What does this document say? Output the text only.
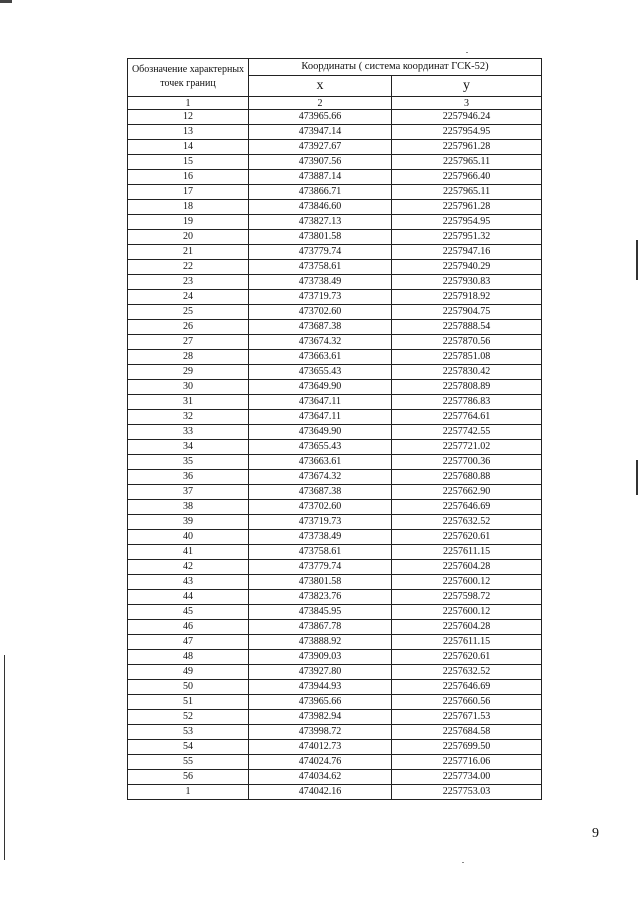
Обозначение характерных точек границ	Координаты ( система координат ГСК-52)	
	x	у
1	2	3
12	473965.66	2257946.24
13	473947.14	2257954.95
14	473927.67	2257961.28
15	473907.56	2257965.11
16	473887.14	2257966.40
17	473866.71	2257965.11
18	473846.60	2257961.28
19	473827.13	2257954.95
20	473801.58	2257951.32
21	473779.74	2257947.16
22	473758.61	2257940.29
23	473738.49	2257930.83
24	473719.73	2257918.92
25	473702.60	2257904.75
26	473687.38	2257888.54
27	473674.32	2257870.56
28	473663.61	2257851.08
29	473655.43	2257830.42
30	473649.90	2257808.89
31	473647.11	2257786.83
32	473647.11	2257764.61
33	473649.90	2257742.55
34	473655.43	2257721.02
35	473663.61	2257700.36
36	473674.32	2257680.88
37	473687.38	2257662.90
38	473702.60	2257646.69
39	473719.73	2257632.52
40	473738.49	2257620.61
41	473758.61	2257611.15
42	473779.74	2257604.28
43	473801.58	2257600.12
44	473823.76	2257598.72
45	473845.95	2257600.12
46	473867.78	2257604.28
47	473888.92	2257611.15
48	473909.03	2257620.61
49	473927.80	2257632.52
50	473944.93	2257646.69
51	473965.66	2257660.56
52	473982.94	2257671.53
53	473998.72	2257684.58
54	474012.73	2257699.50
55	474024.76	2257716.06
56	474034.62	2257734.00
1	474042.16	2257753.03
9
